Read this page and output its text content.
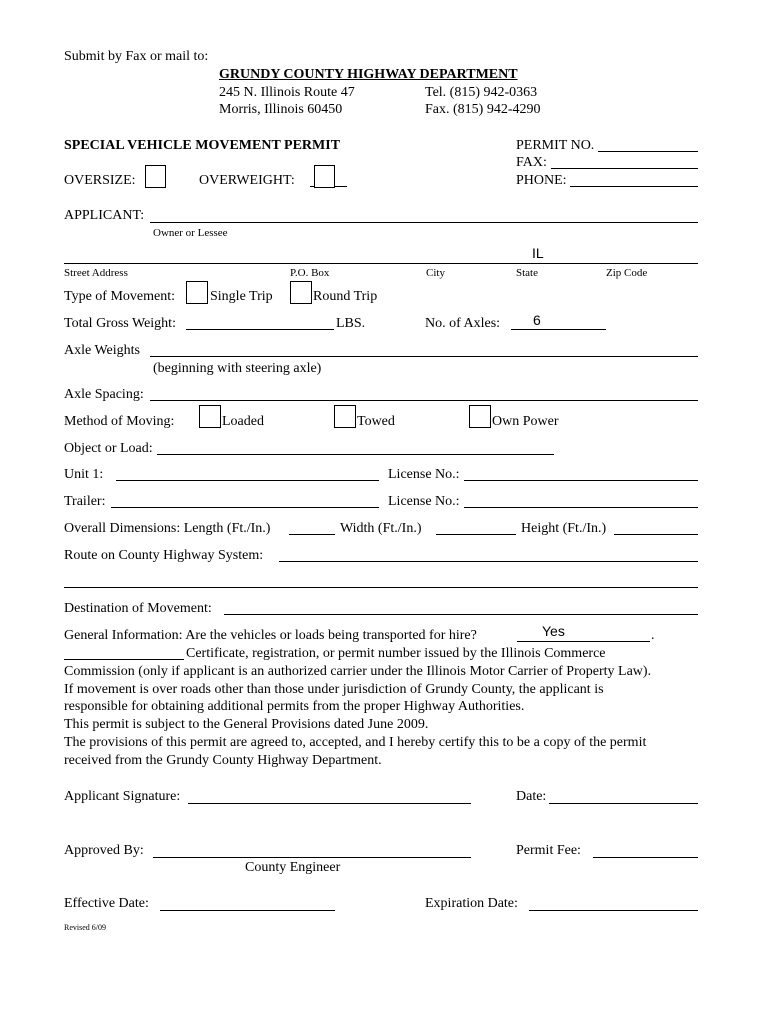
Submit by Fax or mail to:
GRUNDY COUNTY HIGHWAY DEPARTMENT
245 N. Illinois Route 47
Morris, Illinois 60450
Tel. (815) 942-0363
Fax. (815) 942-4290
SPECIAL VEHICLE MOVEMENT PERMIT	PERMIT NO.
FAX:
PHONE:
OVERSIZE:	OVERWEIGHT:
APPLICANT:
Owner or Lessee
IL
Street Address	P.O. Box	City	State	Zip Code
Type of Movement:	Single Trip	Round Trip
Total Gross Weight:	LBS.	No. of Axles: 6
Axle Weights
(beginning with steering axle)
Axle Spacing:
Method of Moving:	Loaded	Towed	Own Power
Object or Load:
Unit 1:	License No.:
Trailer:	License No.:
Overall Dimensions: Length (Ft./In.)	Width (Ft./In.)	Height (Ft./In.)
Route on County Highway System:
Destination of Movement:
General Information: Are the vehicles or loads being transported for hire?	Yes	.
Certificate, registration, or permit number issued by the Illinois Commerce
Commission (only if applicant is an authorized carrier under the Illinois Motor Carrier of Property Law).
If movement is over roads other than those under jurisdiction of Grundy County, the applicant is
responsible for obtaining additional permits from the proper Highway Authorities.
This permit is subject to the General Provisions dated June 2009.
The provisions of this permit are agreed to, accepted, and I hereby certify this to be a copy of the permit
received from the Grundy County Highway Department.
Applicant Signature:	Date:
Approved By:	Permit Fee:
County Engineer
Effective Date:	Expiration Date:
Revised 6/09
